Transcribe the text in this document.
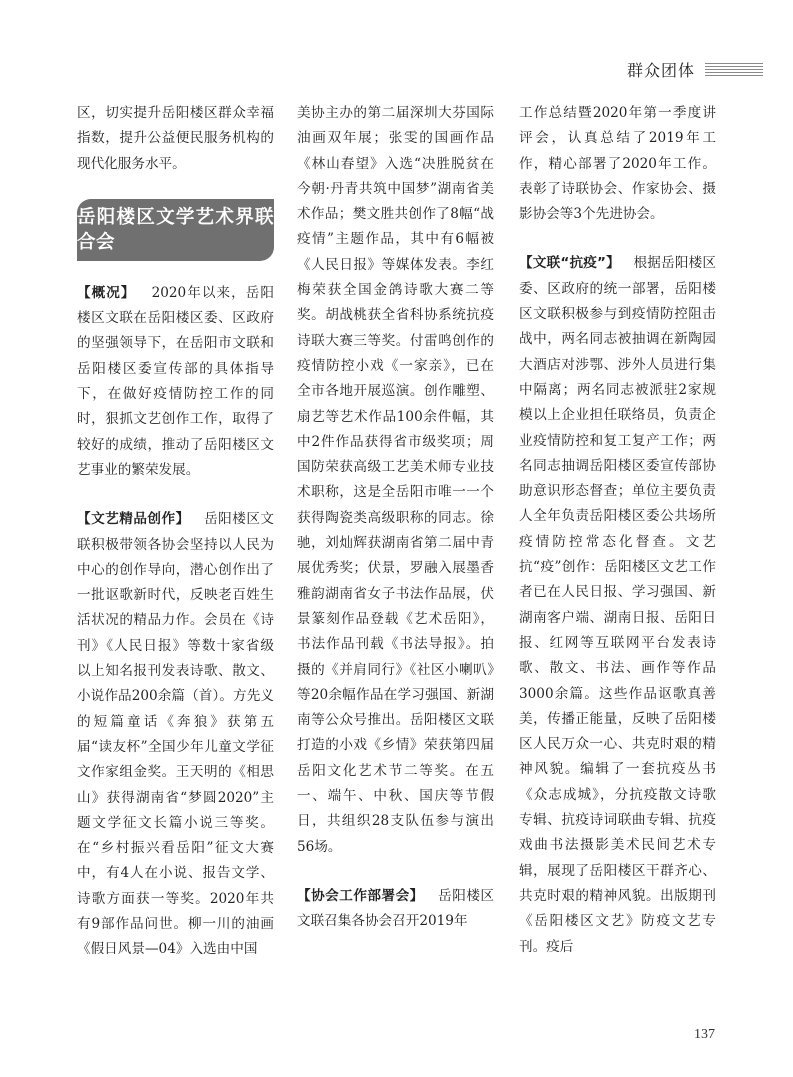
群众团体

区，切实提升岳阳楼区群众幸福指数，提升公益便民服务机构的现代化服务水平。

岳阳楼区文学艺术界联合会

【概况】 2020年以来，岳阳楼区文联在岳阳楼区委、区政府的坚强领导下，在岳阳市文联和岳阳楼区委宣传部的具体指导下，在做好疫情防控工作的同时，狠抓文艺创作工作，取得了较好的成绩，推动了岳阳楼区文艺事业的繁荣发展。

【文艺精品创作】 岳阳楼区文联积极带领各协会坚持以人民为中心的创作导向，潜心创作出了一批讴歌新时代，反映老百姓生活状况的精品力作。会员在《诗刊》《人民日报》等数十家省级以上知名报刊发表诗歌、散文、小说作品200余篇（首）。方先义的短篇童话《奔狼》获第五届“读友杯”全国少年儿童文学征文作家组金奖。王天明的《相思山》获得湖南省“梦圆2020”主题文学征文长篇小说三等奖。在“乡村振兴看岳阳”征文大赛中，有4人在小说、报告文学、诗歌方面获一等奖。2020年共有9部作品问世。柳一川的油画《假日风景—04》入选由中国

美协主办的第二届深圳大芬国际油画双年展；张雯的国画作品《林山春望》入选“决胜脱贫在今朝·丹青共筑中国梦”湖南省美术作品；樊文胜共创作了8幅“战疫情”主题作品，其中有6幅被《人民日报》等媒体发表。李红梅荣获全国金鸽诗歌大赛二等奖。胡战桃获全省科协系统抗疫诗联大赛三等奖。付雷鸣创作的疫情防控小戏《一家亲》，已在全市各地开展巡演。创作雕塑、扇艺等艺术作品100余件幅，其中2件作品获得省市级奖项；周国防荣获高级工艺美术师专业技术职称，这是全岳阳市唯一一个获得陶瓷类高级职称的同志。徐驰，刘灿辉获湖南省第二届中青展优秀奖；伏景，罗融入展墨香雅韵湖南省女子书法作品展，伏景篆刻作品登载《艺术岳阳》，书法作品刊载《书法导报》。拍摄的《并肩同行》《社区小喇叭》等20余幅作品在学习强国、新湖南等公众号推出。岳阳楼区文联打造的小戏《乡情》荣获第四届岳阳文化艺术节二等奖。在五一、端午、中秋、国庆等节假日，共组织28支队伍参与演出56场。

【协会工作部署会】 岳阳楼区文联召集各协会召开2019年

工作总结暨2020年第一季度讲评会，认真总结了2019年工作，精心部署了2020年工作。表彰了诗联协会、作家协会、摄影协会等3个先进协会。

【文联“抗疫”】 根据岳阳楼区委、区政府的统一部署，岳阳楼区文联积极参与到疫情防控阻击战中，两名同志被抽调在新陶园大酒店对涉鄂、涉外人员进行集中隔离；两名同志被派驻2家规模以上企业担任联络员，负责企业疫情防控和复工复产工作；两名同志抽调岳阳楼区委宣传部协助意识形态督查；单位主要负责人全年负责岳阳楼区委公共场所疫情防控常态化督查。文艺抗“疫”创作：岳阳楼区文艺工作者已在人民日报、学习强国、新湖南客户端、湖南日报、岳阳日报、红网等互联网平台发表诗歌、散文、书法、画作等作品3000余篇。这些作品讴歌真善美，传播正能量，反映了岳阳楼区人民万众一心、共克时艰的精神风貌。编辑了一套抗疫丛书《众志成城》，分抗疫散文诗歌专辑、抗疫诗词联曲专辑、抗疫戏曲书法摄影美术民间艺术专辑，展现了岳阳楼区干群齐心、共克时艰的精神风貌。出版期刊《岳阳楼区文艺》防疫文艺专刊。疫后

137
